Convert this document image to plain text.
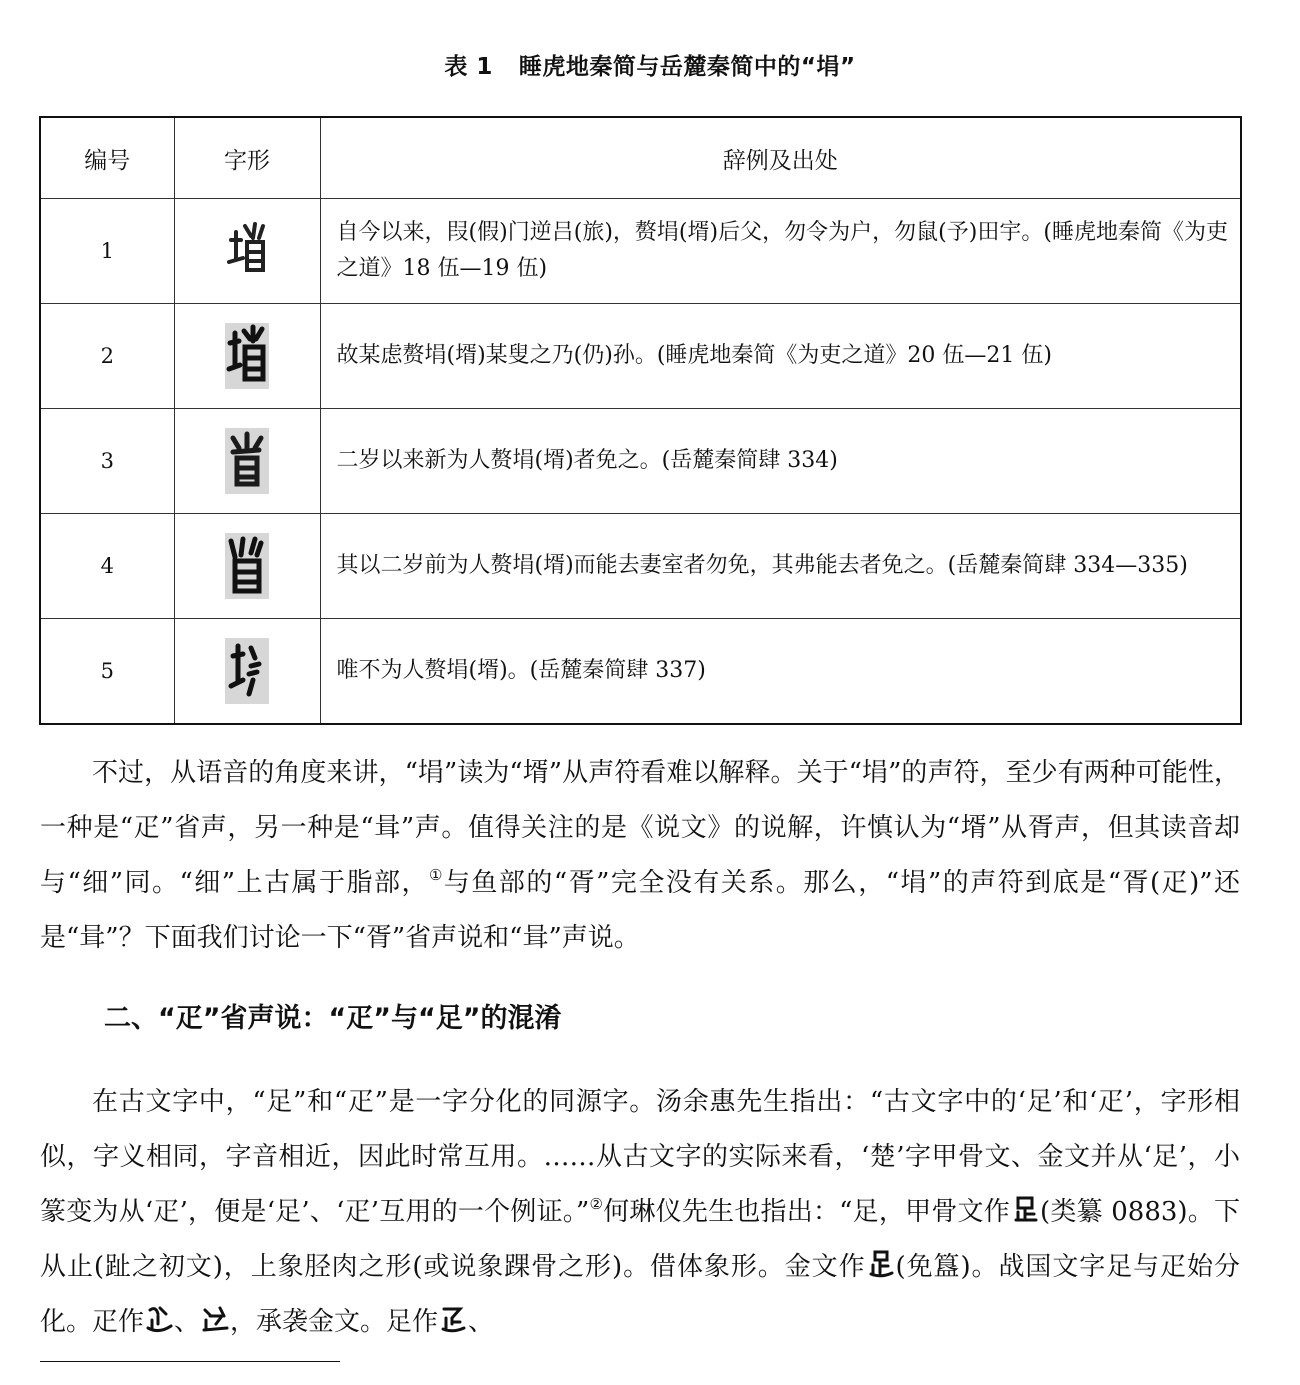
表 1 睡虎地秦简与岳麓秦简中的“埍”
编号	字形	辞例及出处
1		自今以来，叚(假)门逆吕(旅)，赘埍(壻)后父，勿令为户，勿鼠(予)田宇。(睡虎地秦简《为吏之道》18 伍—19 伍)
2		故某虑赘埍(壻)某叟之乃(仍)孙。(睡虎地秦简《为吏之道》20 伍—21 伍)
3		二岁以来新为人赘埍(壻)者免之。(岳麓秦简肆 334)
4		其以二岁前为人赘埍(壻)而能去妻室者勿免，其弗能去者免之。(岳麓秦简肆 334—335)
5		唯不为人赘埍(壻)。(岳麓秦简肆 337)

不过，从语音的角度来讲，“埍”读为“壻”从声符看难以解释。关于“埍”的声符，至少有两种可能性，一种是“疋”省声，另一种是“咠”声。值得关注的是《说文》的说解，许慎认为“壻”从胥声，但其读音却与“细”同。“细”上古属于脂部，①与鱼部的“胥”完全没有关系。那么，“埍”的声符到底是“胥(疋)”还是“咠”？下面我们讨论一下“胥”省声说和“咠”声说。

二、“疋”省声说：“疋”与“足”的混淆

在古文字中，“足”和“疋”是一字分化的同源字。汤余惠先生指出：“古文字中的‘足’和‘疋’，字形相似，字义相同，字音相近，因此时常互用。……从古文字的实际来看，‘楚’字甲骨文、金文并从‘足’，小篆变为从‘疋’，便是‘足’、‘疋’互用的一个例证。”②何琳仪先生也指出：“足，甲骨文作 (类纂 0883)。下从止(趾之初文)，上象胫肉之形(或说象踝骨之形)。借体象形。金文作 (免簋)。战国文字足与疋始分化。疋作 、 ，承袭金文。足作 、
